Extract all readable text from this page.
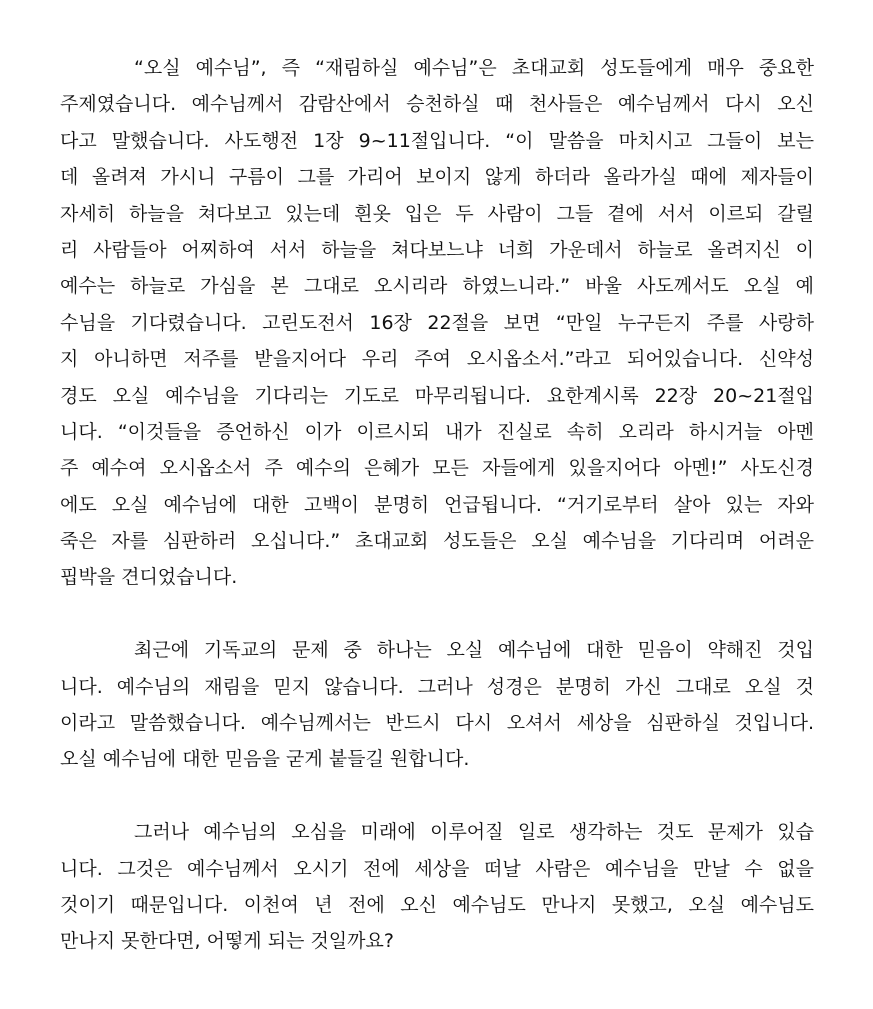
“오실 예수님”, 즉 “재림하실 예수님”은 초대교회 성도들에게 매우 중요한
주제였습니다. 예수님께서 감람산에서 승천하실 때 천사들은 예수님께서 다시 오신
다고 말했습니다. 사도행전 1장 9~11절입니다. “이 말씀을 마치시고 그들이 보는
데 올려져 가시니 구름이 그를 가리어 보이지 않게 하더라 올라가실 때에 제자들이
자세히 하늘을 쳐다보고 있는데 흰옷 입은 두 사람이 그들 곁에 서서 이르되 갈릴
리 사람들아 어찌하여 서서 하늘을 쳐다보느냐 너희 가운데서 하늘로 올려지신 이
예수는 하늘로 가심을 본 그대로 오시리라 하였느니라.” 바울 사도께서도 오실 예
수님을 기다렸습니다. 고린도전서 16장 22절을 보면 “만일 누구든지 주를 사랑하
지 아니하면 저주를 받을지어다 우리 주여 오시옵소서.”라고 되어있습니다. 신약성
경도 오실 예수님을 기다리는 기도로 마무리됩니다. 요한계시록 22장 20~21절입
니다. “이것들을 증언하신 이가 이르시되 내가 진실로 속히 오리라 하시거늘 아멘
주 예수여 오시옵소서 주 예수의 은혜가 모든 자들에게 있을지어다 아멘!” 사도신경
에도 오실 예수님에 대한 고백이 분명히 언급됩니다. “거기로부터 살아 있는 자와
죽은 자를 심판하러 오십니다.” 초대교회 성도들은 오실 예수님을 기다리며 어려운
핍박을 견디었습니다.
최근에 기독교의 문제 중 하나는 오실 예수님에 대한 믿음이 약해진 것입
니다. 예수님의 재림을 믿지 않습니다. 그러나 성경은 분명히 가신 그대로 오실 것
이라고 말씀했습니다. 예수님께서는 반드시 다시 오셔서 세상을 심판하실 것입니다.
오실 예수님에 대한 믿음을 굳게 붙들길 원합니다.
그러나 예수님의 오심을 미래에 이루어질 일로 생각하는 것도 문제가 있습
니다. 그것은 예수님께서 오시기 전에 세상을 떠날 사람은 예수님을 만날 수 없을
것이기 때문입니다. 이천여 년 전에 오신 예수님도 만나지 못했고, 오실 예수님도
만나지 못한다면, 어떻게 되는 것일까요?
